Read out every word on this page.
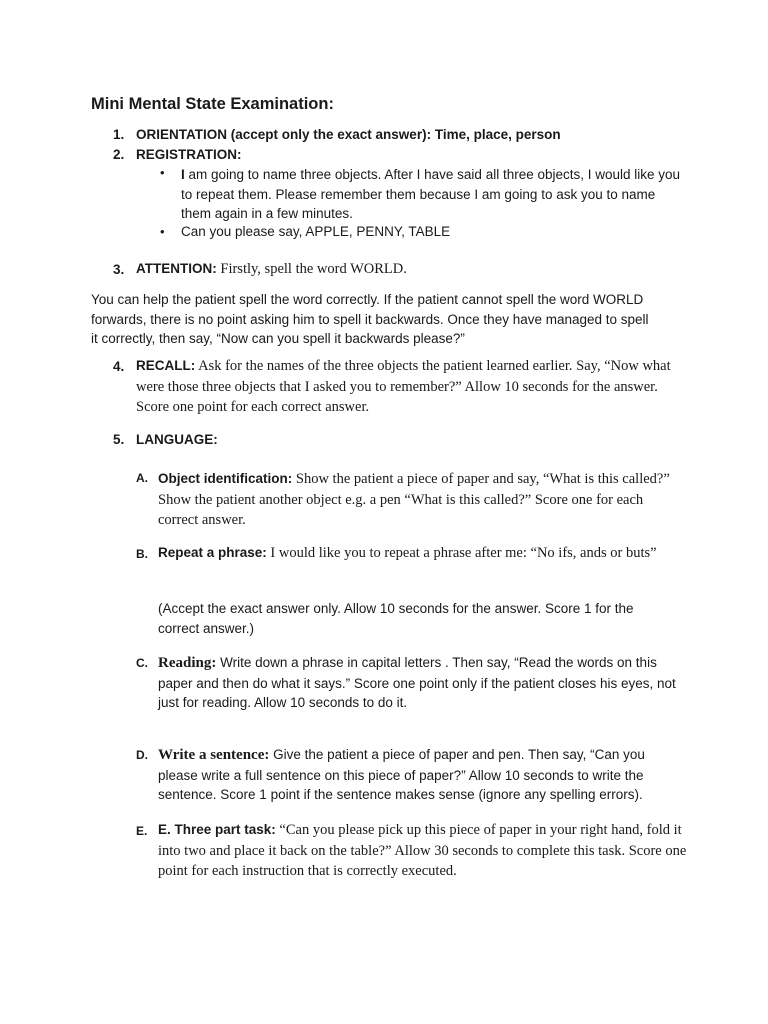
Mini Mental State Examination:
1. ORIENTATION (accept only the exact answer): Time, place, person
2. REGISTRATION:
• I am going to name three objects. After I have said all three objects, I would like you to repeat them. Please remember them because I am going to ask you to name them again in a few minutes.
• Can you please say, APPLE, PENNY, TABLE
3. ATTENTION: Firstly, spell the word WORLD.
You can help the patient spell the word correctly. If the patient cannot spell the word WORLD forwards, there is no point asking him to spell it backwards. Once they have managed to spell it correctly, then say, “Now can you spell it backwards please?”
4. RECALL: Ask for the names of the three objects the patient learned earlier. Say, “Now what were those three objects that I asked you to remember?” Allow 10 seconds for the answer. Score one point for each correct answer.
5. LANGUAGE:
A. Object identification: Show the patient a piece of paper and say, “What is this called?” Show the patient another object e.g. a pen “What is this called?” Score one for each correct answer.
B. Repeat a phrase: I would like you to repeat a phrase after me: “No ifs, ands or buts”
(Accept the exact answer only. Allow 10 seconds for the answer. Score 1 for the correct answer.)
C. Reading: Write down a phrase in capital letters . Then say, “Read the words on this paper and then do what it says.” Score one point only if the patient closes his eyes, not just for reading. Allow 10 seconds to do it.
D. Write a sentence: Give the patient a piece of paper and pen. Then say, “Can you please write a full sentence on this piece of paper?” Allow 10 seconds to write the sentence. Score 1 point if the sentence makes sense (ignore any spelling errors).
E. E. Three part task: “Can you please pick up this piece of paper in your right hand, fold it into two and place it back on the table?” Allow 30 seconds to complete this task. Score one point for each instruction that is correctly executed.
